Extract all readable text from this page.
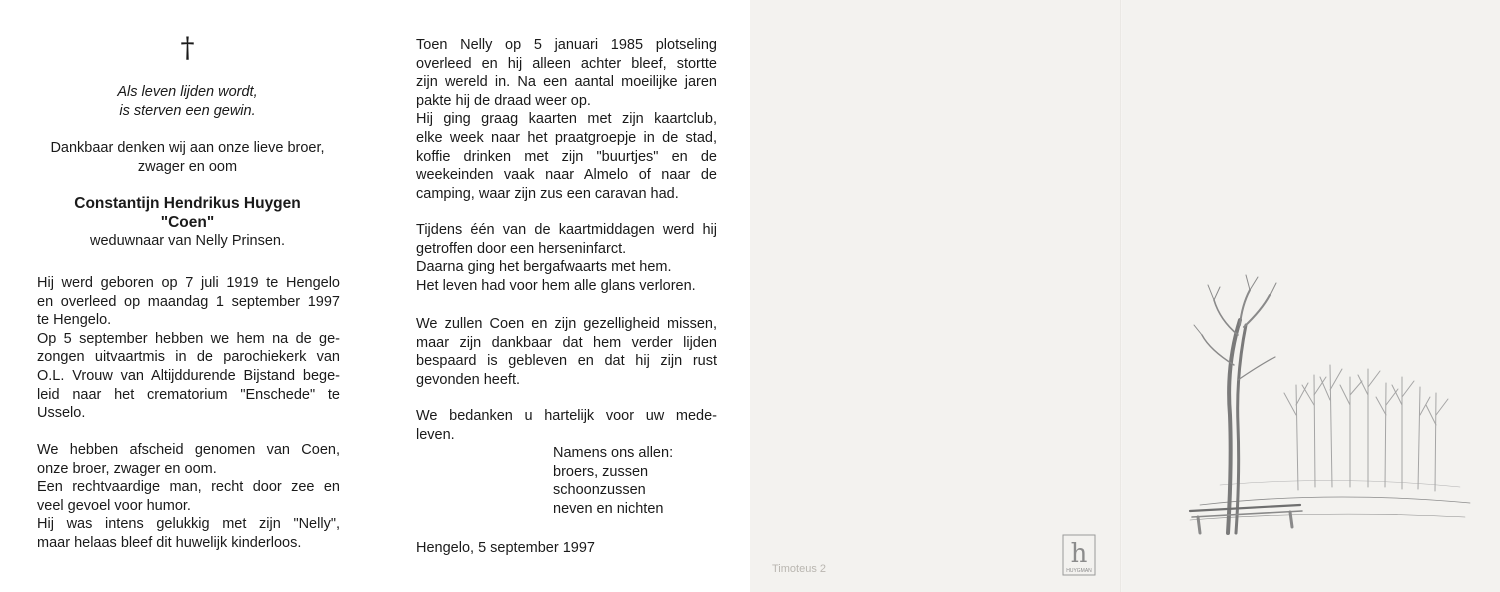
†
Als leven lijden wordt,
is sterven een gewin.
Dankbaar denken wij aan onze lieve broer,
zwager en oom
Constantijn Hendrikus Huygen
"Coen"
weduwnaar van Nelly Prinsen.
Hij werd geboren op 7 juli 1919 te Hengelo
en overleed op maandag 1 september 1997
te Hengelo.
Op 5 september hebben we hem na de ge-
zongen uitvaartmis in de parochiekerk van
O.L. Vrouw van Altijddurende Bijstand bege-
leid naar het crematorium "Enschede" te
Usselo.
We hebben afscheid genomen van Coen,
onze broer, zwager en oom.
Een rechtvaardige man, recht door zee en
veel gevoel voor humor.
Hij was intens gelukkig met zijn "Nelly",
maar helaas bleef dit huwelijk kinderloos.
Toen Nelly op 5 januari 1985 plotseling
overleed en hij alleen achter bleef, stortte
zijn wereld in. Na een aantal moeilijke jaren
pakte hij de draad weer op.
Hij ging graag kaarten met zijn kaartclub,
elke week naar het praatgroepje in de stad,
koffie drinken met zijn "buurtjes" en de
weekeinden vaak naar Almelo of naar de
camping, waar zijn zus een caravan had.
Tijdens één van de kaartmiddagen werd hij
getroffen door een herseninfarct.
Daarna ging het bergafwaarts met hem.
Het leven had voor hem alle glans verloren.
We zullen Coen en zijn gezelligheid missen,
maar zijn dankbaar dat hem verder lijden
bespaard is gebleven en dat hij zijn rust
gevonden heeft.
We bedanken u hartelijk voor uw mede-
leven.
Namens ons allen:
broers, zussen
schoonzussen
neven en nichten
Hengelo, 5 september 1997
Timoteus 2	h
HUYGMAN
